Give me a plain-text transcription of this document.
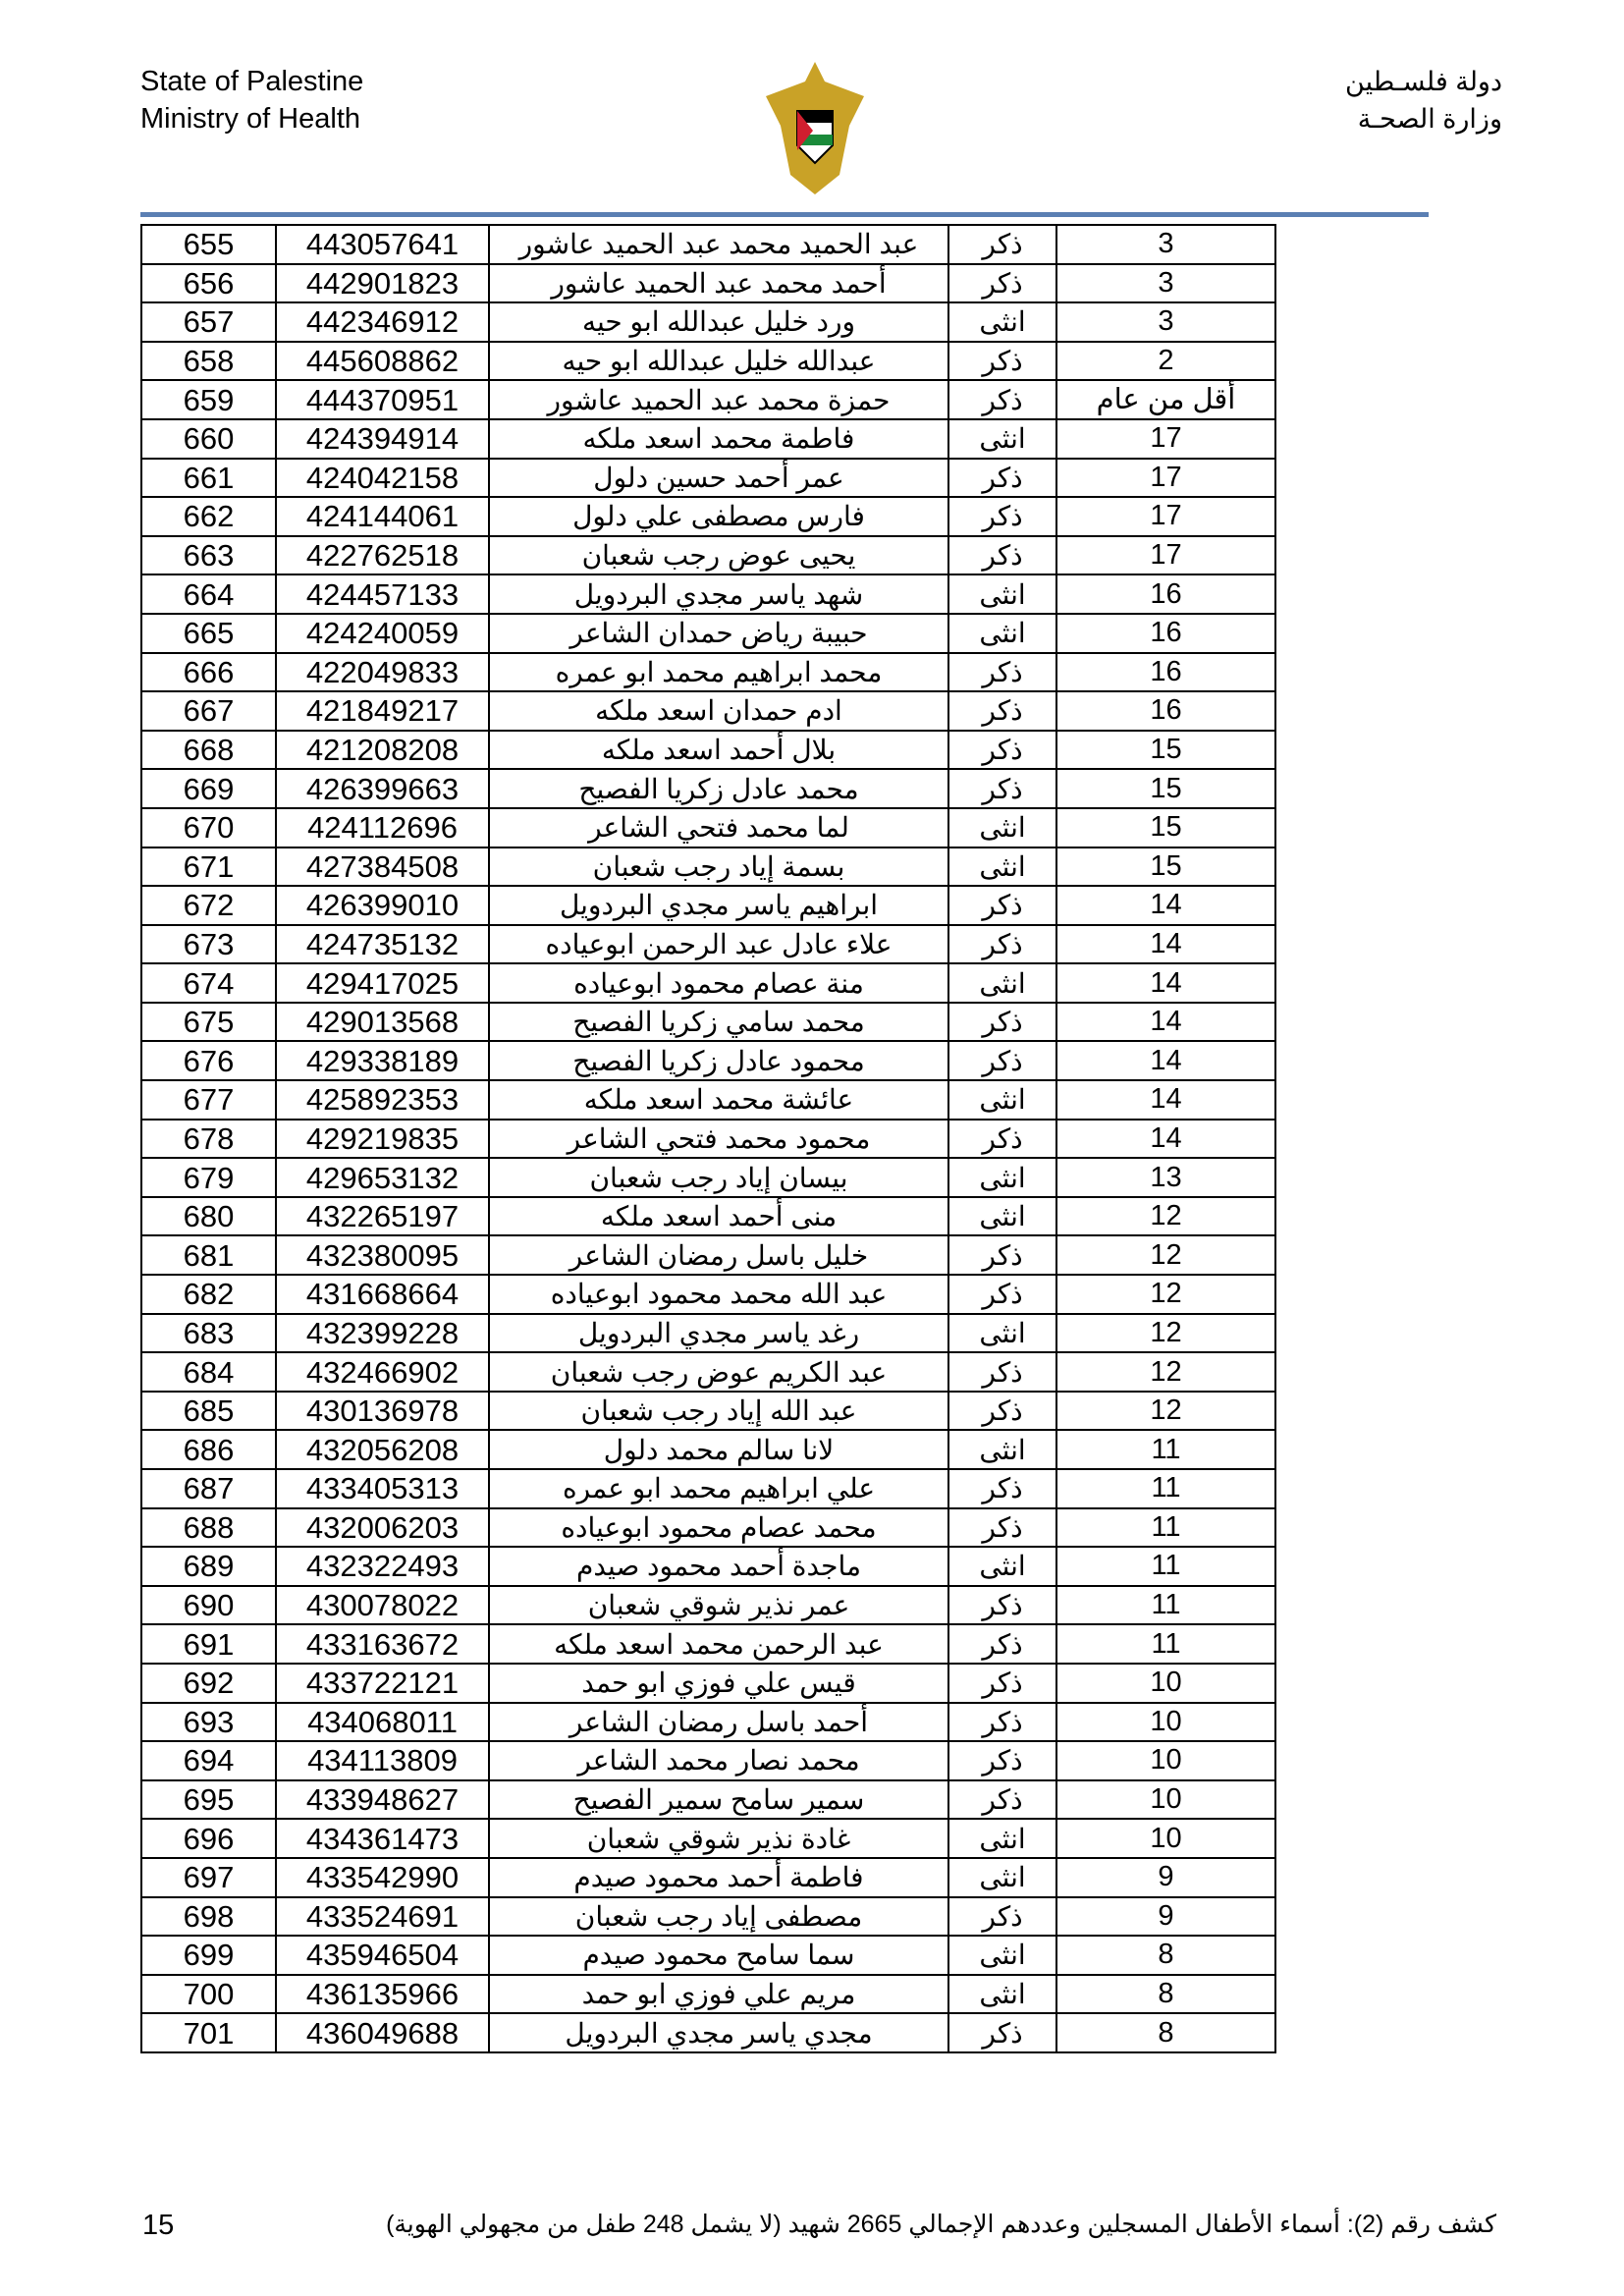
State of Palestine
Ministry of Health
دولة فلسـطين
وزارة الصحـة
655	443057641	عبد الحميد محمد عبد الحميد عاشور	ذكر	3
656	442901823	أحمد محمد عبد الحميد عاشور	ذكر	3
657	442346912	ورد خليل عبدالله ابو حيه	انثى	3
658	445608862	عبدالله خليل عبدالله ابو حيه	ذكر	2
659	444370951	حمزة محمد عبد الحميد عاشور	ذكر	أقل من عام
660	424394914	فاطمة محمد اسعد ملكه	انثى	17
661	424042158	عمر أحمد حسين دلول	ذكر	17
662	424144061	فارس مصطفى علي دلول	ذكر	17
663	422762518	يحيى عوض رجب شعبان	ذكر	17
664	424457133	شهد ياسر مجدي البردويل	انثى	16
665	424240059	حبيبة رياض حمدان الشاعر	انثى	16
666	422049833	محمد ابراهيم محمد ابو عمره	ذكر	16
667	421849217	ادم حمدان اسعد ملكه	ذكر	16
668	421208208	بلال أحمد اسعد ملكه	ذكر	15
669	426399663	محمد عادل زكريا الفصيح	ذكر	15
670	424112696	لما محمد فتحي الشاعر	انثى	15
671	427384508	بسمة إياد رجب شعبان	انثى	15
672	426399010	ابراهيم ياسر مجدي البردويل	ذكر	14
673	424735132	علاء عادل عبد الرحمن ابوعياده	ذكر	14
674	429417025	منة عصام محمود ابوعياده	انثى	14
675	429013568	محمد سامي زكريا الفصيح	ذكر	14
676	429338189	محمود عادل زكريا الفصيح	ذكر	14
677	425892353	عائشة محمد اسعد ملكه	انثى	14
678	429219835	محمود محمد فتحي الشاعر	ذكر	14
679	429653132	بيسان إياد رجب شعبان	انثى	13
680	432265197	منى أحمد اسعد ملكه	انثى	12
681	432380095	خليل باسل رمضان الشاعر	ذكر	12
682	431668664	عبد الله محمد محمود ابوعياده	ذكر	12
683	432399228	رغد ياسر مجدي البردويل	انثى	12
684	432466902	عبد الكريم عوض رجب شعبان	ذكر	12
685	430136978	عبد الله إياد رجب شعبان	ذكر	12
686	432056208	لانا سالم محمد دلول	انثى	11
687	433405313	علي ابراهيم محمد ابو عمره	ذكر	11
688	432006203	محمد عصام محمود ابوعياده	ذكر	11
689	432322493	ماجدة أحمد محمود صيدم	انثى	11
690	430078022	عمر نذير شوقي شعبان	ذكر	11
691	433163672	عبد الرحمن محمد اسعد ملكه	ذكر	11
692	433722121	قيس علي فوزي ابو حمد	ذكر	10
693	434068011	أحمد باسل رمضان الشاعر	ذكر	10
694	434113809	محمد نصار محمد الشاعر	ذكر	10
695	433948627	سمير سامح سمير الفصيح	ذكر	10
696	434361473	غادة نذير شوقي شعبان	انثى	10
697	433542990	فاطمة أحمد محمود صيدم	انثى	9
698	433524691	مصطفى إياد رجب شعبان	ذكر	9
699	435946504	سما سامح محمود صيدم	انثى	8
700	436135966	مريم علي فوزي ابو حمد	انثى	8
701	436049688	مجدي ياسر مجدي البردويل	ذكر	8
15	كشف رقم (2): أسماء الأطفال المسجلين وعددهم الإجمالي 2665 شهيد (لا يشمل 248 طفل من مجهولي الهوية)
